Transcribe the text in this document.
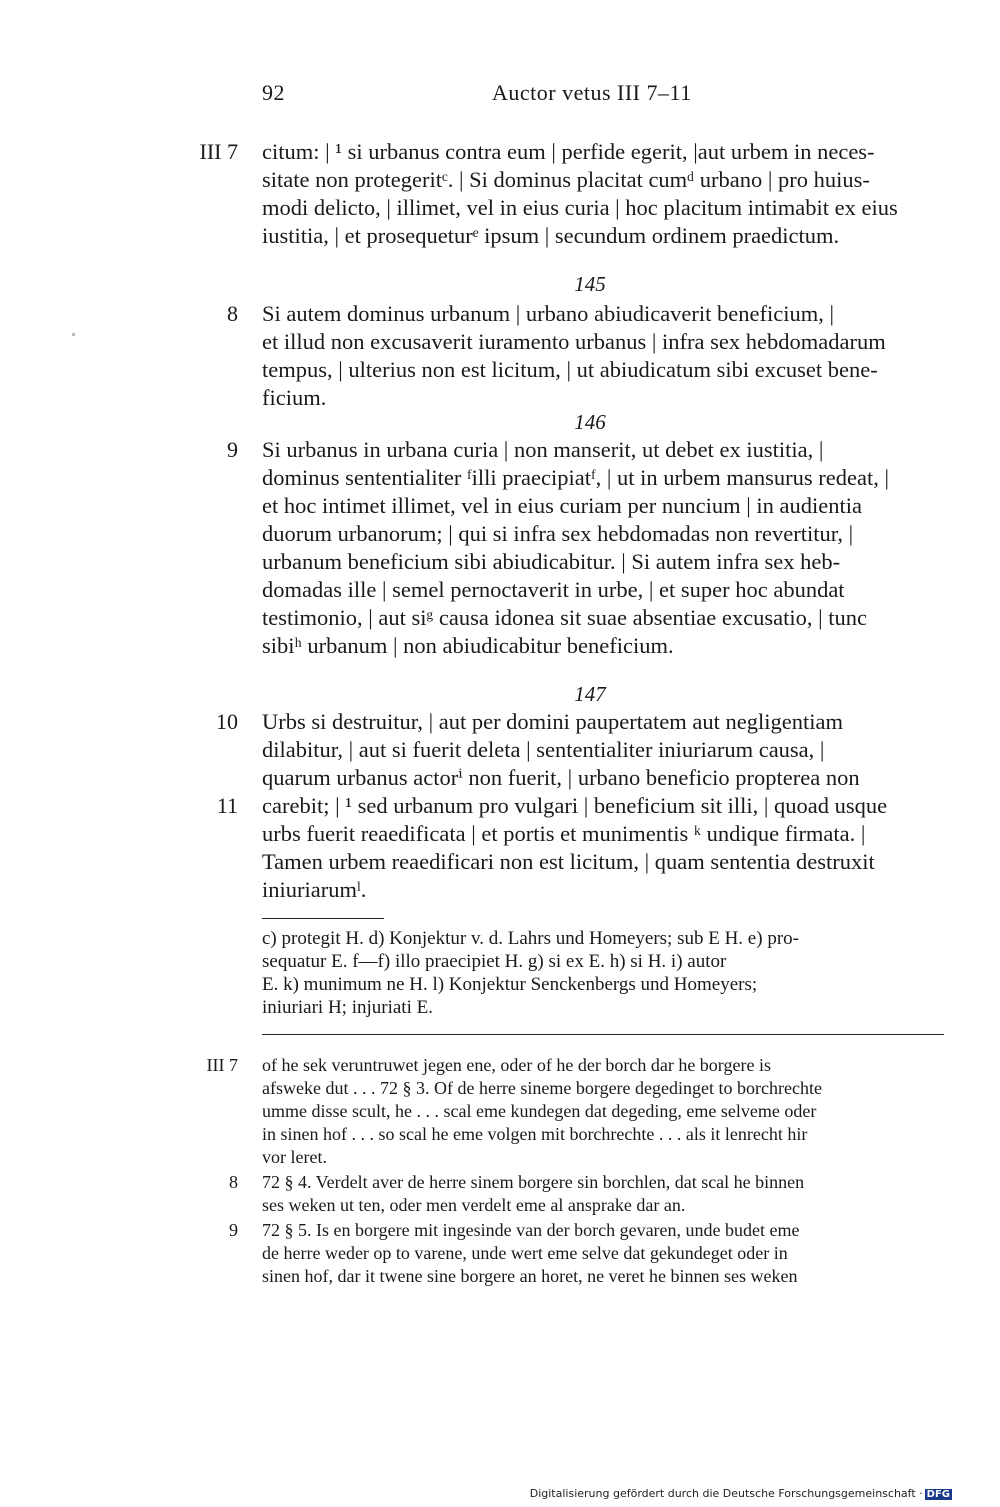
92	Auctor vetus III 7–11
III 7 citum: | ¹ si urbanus contra eum | perfide egerit, |aut urbem in neces-
sitate non protegeritᶜ. | Si dominus placitat cumᵈ urbano | pro huius-
modi delicto, | illimet, vel in eius curia | hoc placitum intimabit ex eius
iustitia, | et prosequeturᵉ ipsum | secundum ordinem praedictum.
145
8 Si autem dominus urbanum | urbano abiudicaverit beneficium, |
et illud non excusaverit iuramento urbanus | infra sex hebdomadarum
tempus, | ulterius non est licitum, | ut abiudicatum sibi excuset bene-
ficium.
146
9 Si urbanus in urbana curia | non manserit, ut debet ex iustitia, |
dominus sententialiter ᶠilli praecipiatᶠ, | ut in urbem mansurus redeat, |
et hoc intimet illimet, vel in eius curiam per nuncium | in audientia
duorum urbanorum; | qui si infra sex hebdomadas non revertitur, |
urbanum beneficium sibi abiudicabitur. | Si autem infra sex heb-
domadas ille | semel pernoctaverit in urbe, | et super hoc abundat
testimonio, | aut siᵍ causa idonea sit suae absentiae excusatio, | tunc
sibiʰ urbanum | non abiudicabitur beneficium.
147
10 Urbs si destruitur, | aut per domini paupertatem aut negligentiam
dilabitur, | aut si fuerit deleta | sententialiter iniuriarum causa, |
quarum urbanus actorⁱ non fuerit, | urbano beneficio propterea non
11 carebit; | ¹ sed urbanum pro vulgari | beneficium sit illi, | quoad usque
urbs fuerit reaedificata | et portis et munimentis ᵏ undique firmata. |
Tamen urbem reaedificari non est licitum, | quam sententia destruxit
iniuriarumˡ.
c) protegit H. d) Konjektur v. d. Lahrs und Homeyers; sub E H. e) pro-
sequatur E. f—f) illo praecipiet H. g) si ex E. h) si H. i) autor
E. k) munimum ne H. l) Konjektur Senckenbergs und Homeyers;
iniuriari H; injuriati E.
III 7 of he sek veruntruwet jegen ene, oder of he der borch dar he borgere is
afsweke dut . . . 72 § 3. Of de herre sineme borgere degedinget to borchrechte
umme disse scult, he . . . scal eme kundegen dat degeding, eme selveme oder
in sinen hof . . . so scal he eme volgen mit borchrechte . . . als it lenrecht hir
vor leret.
8 72 § 4. Verdelt aver de herre sinem borgere sin borchlen, dat scal he binnen
ses weken ut ten, oder men verdelt eme al ansprake dar an.
9 72 § 5. Is en borgere mit ingesinde van der borch gevaren, unde budet eme
de herre weder op to varene, unde wert eme selve dat gekundeget oder in
sinen hof, dar it twene sine borgere an horet, ne veret he binnen ses weken
Digitalisierung gefördert durch die Deutsche Forschungsgemeinschaft · DFG
